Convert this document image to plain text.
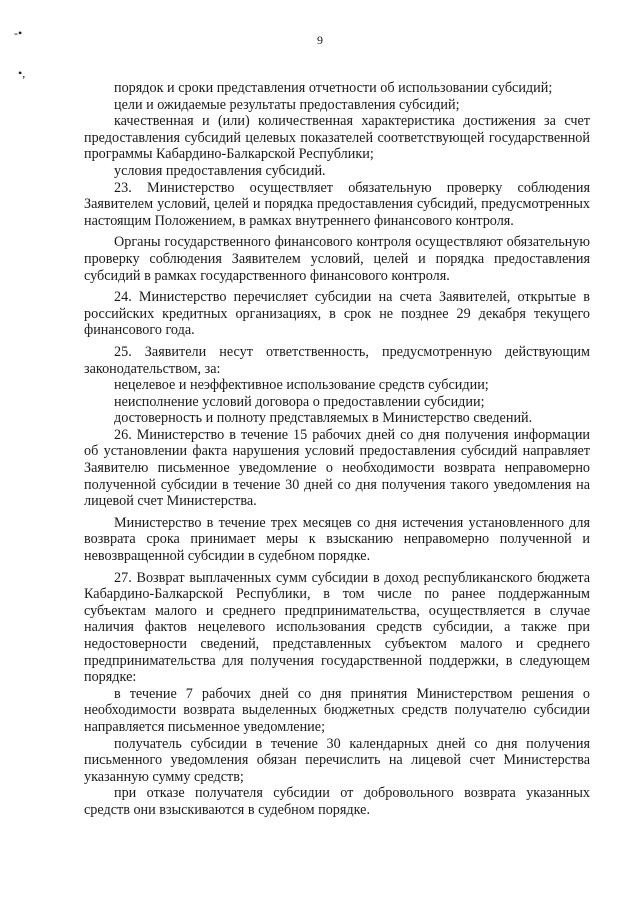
9
-•
•,

порядок и сроки представления отчетности об использовании субсидий;

цели и ожидаемые результаты предоставления субсидий;

качественная и (или) количественная характеристика достижения за счет предоставления субсидий целевых показателей соответствующей государственной программы Кабардино-Балкарской Республики;

условия предоставления субсидий.

23. Министерство осуществляет обязательную проверку соблюдения Заявителем условий, целей и порядка предоставления субсидий, предусмотренных настоящим Положением, в рамках внутреннего финансового контроля.

Органы государственного финансового контроля осуществляют обязательную проверку соблюдения Заявителем условий, целей и порядка предоставления субсидий в рамках государственного финансового контроля.

24. Министерство перечисляет субсидии на счета Заявителей, открытые в российских кредитных организациях, в срок не позднее 29 декабря текущего финансового года.

25. Заявители несут ответственность, предусмотренную действующим законодательством, за:

нецелевое и неэффективное использование средств субсидии;

неисполнение условий договора о предоставлении субсидии;

достоверность и полноту представляемых в Министерство сведений.

26. Министерство в течение 15 рабочих дней со дня получения информации об установлении факта нарушения условий предоставления субсидий направляет Заявителю письменное уведомление о необходимости возврата неправомерно полученной субсидии в течение 30 дней со дня получения такого уведомления на лицевой счет Министерства.

Министерство в течение трех месяцев со дня истечения установленного для возврата срока принимает меры к взысканию неправомерно полученной и невозвращенной субсидии в судебном порядке.

27. Возврат выплаченных сумм субсидии в доход республиканского бюджета Кабардино-Балкарской Республики, в том числе по ранее поддержанным субъектам малого и среднего предпринимательства, осуществляется в случае наличия фактов нецелевого использования средств субсидии, а также при недостоверности сведений, представленных субъектом малого и среднего предпринимательства для получения государственной поддержки, в следующем порядке:

в течение 7 рабочих дней со дня принятия Министерством решения о необходимости возврата выделенных бюджетных средств получателю субсидии направляется письменное уведомление;

получатель субсидии в течение 30 календарных дней со дня получения письменного уведомления обязан перечислить на лицевой счет Министерства указанную сумму средств;

при отказе получателя субсидии от добровольного возврата указанных средств они взыскиваются в судебном порядке.
